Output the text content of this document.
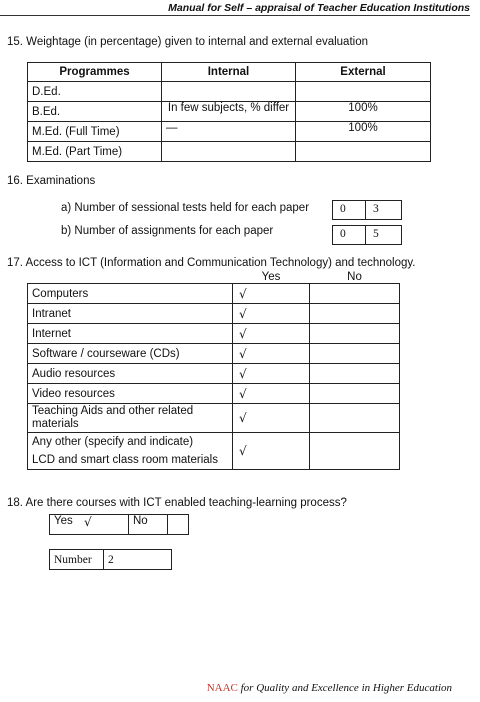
Manual for Self – appraisal of Teacher Education Institutions
15. Weightage (in percentage) given to internal and external evaluation
Programmes	Internal	External
D.Ed.		
B.Ed.	In few subjects, % differ	100%
M.Ed. (Full Time)	—	100%
M.Ed. (Part Time)		
16. Examinations
a) Number of sessional tests held for each paper	0 3
b) Number of assignments for each paper	0 5
17. Access to ICT (Information and Communication Technology) and technology.
	Yes	No
Computers	√	
Intranet	√	
Internet	√	
Software / courseware (CDs)	√	
Audio resources	√	
Video resources	√	
Teaching Aids and other related materials	√	

Any other (specify and indicate)
LCD and smart class room materials	√	
18. Are there courses with ICT enabled teaching-learning process?
Yes	√	No	
Number	2
NAAC for Quality and Excellence in Higher Education
